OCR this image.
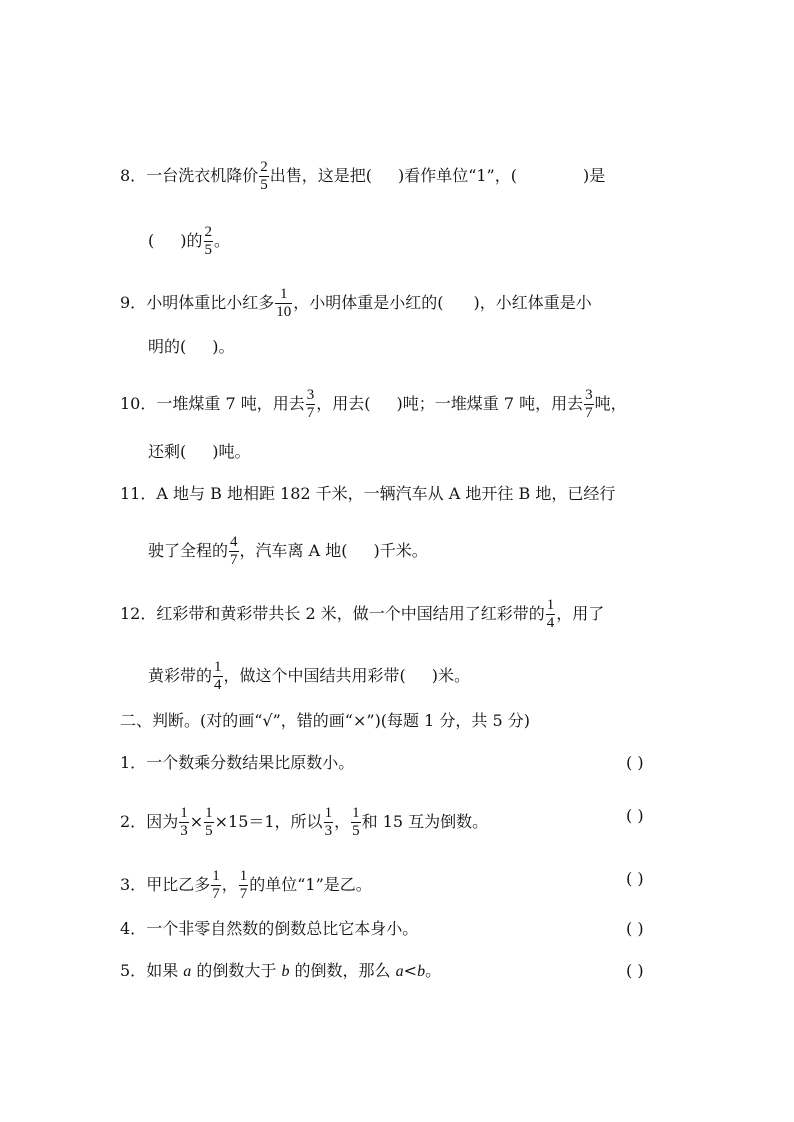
8．一台洗衣机降价 $\frac{2}{5}$ 出售，这是把( )看作单位“1”，(	)是
( )的 $\frac{2}{5}$ 。
9．小明体重比小红多 $\frac{1}{10}$ ，小明体重是小红的( )，小红体重是小
明的( )。
10．一堆煤重 7 吨，用去 $\frac{3}{7}$ ，用去( )吨；一堆煤重 7 吨，用去 $\frac{3}{7}$ 吨，
还剩( )吨。
11．A 地与 B 地相距 182 千米，一辆汽车从 A 地开往 B 地，已经行
驶了全程的 $\frac{4}{7}$ ，汽车离 A 地( )千米。
12．红彩带和黄彩带共长 2 米，做一个中国结用了红彩带的 $\frac{1}{4}$ ，用了
黄彩带的 $\frac{1}{4}$ ，做这个中国结共用彩带( )米。
二、判断。(对的画“√”，错的画“×”)(每题 1 分，共 5 分)
1．一个数乘分数结果比原数小。	( )
2．因为 $\frac{1}{3} \times \frac{1}{5} \times 15=1$，所以 $\frac{1}{3}$ ， $\frac{1}{5}$ 和 15 互为倒数。	( )
3．甲比乙多 $\frac{1}{7}$ ， $\frac{1}{7}$ 的单位“1”是乙。	( )
4．一个非零自然数的倒数总比它本身小。	( )
5．如果 a 的倒数大于 b 的倒数，那么 a<b。	( )
